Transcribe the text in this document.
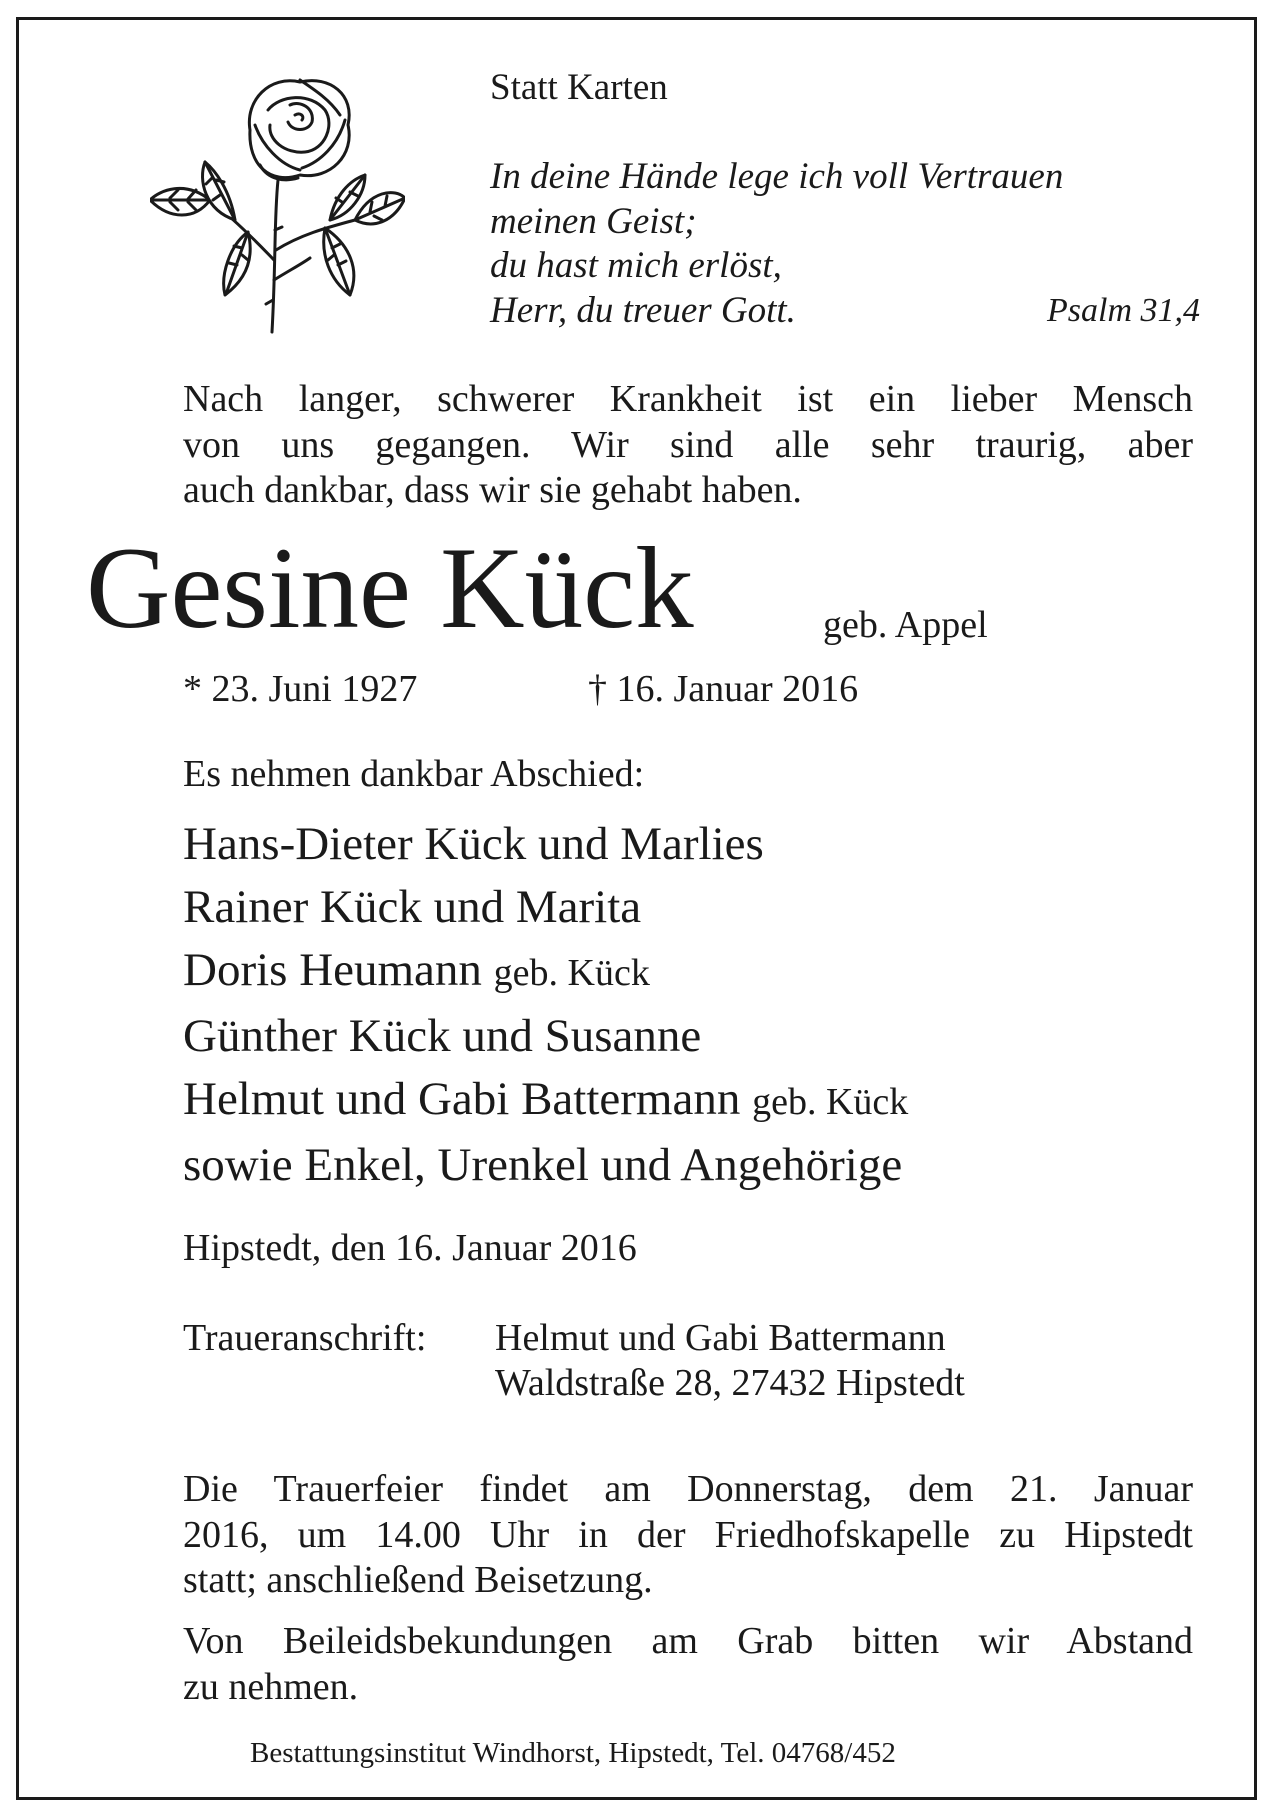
Statt Karten
In deine Hände lege ich voll Vertrauen
meinen Geist;
du hast mich erlöst,
Herr, du treuer Gott.	Psalm 31,4
Nach langer, schwerer Krankheit ist ein lieber Mensch
von uns gegangen. Wir sind alle sehr traurig, aber
auch dankbar, dass wir sie gehabt haben.
Gesine Kück	geb. Appel
* 23. Juni 1927	† 16. Januar 2016
Es nehmen dankbar Abschied:
Hans-Dieter Kück und Marlies
Rainer Kück und Marita
Doris Heumann geb. Kück
Günther Kück und Susanne
Helmut und Gabi Battermann geb. Kück
sowie Enkel, Urenkel und Angehörige
Hipstedt, den 16. Januar 2016
Traueranschrift: Helmut und Gabi Battermann
Waldstraße 28, 27432 Hipstedt
Die Trauerfeier findet am Donnerstag, dem 21. Januar
2016, um 14.00 Uhr in der Friedhofskapelle zu Hipstedt
statt; anschließend Beisetzung.
Von Beileidsbekundungen am Grab bitten wir Abstand
zu nehmen.
Bestattungsinstitut Windhorst, Hipstedt, Tel. 04768/452
